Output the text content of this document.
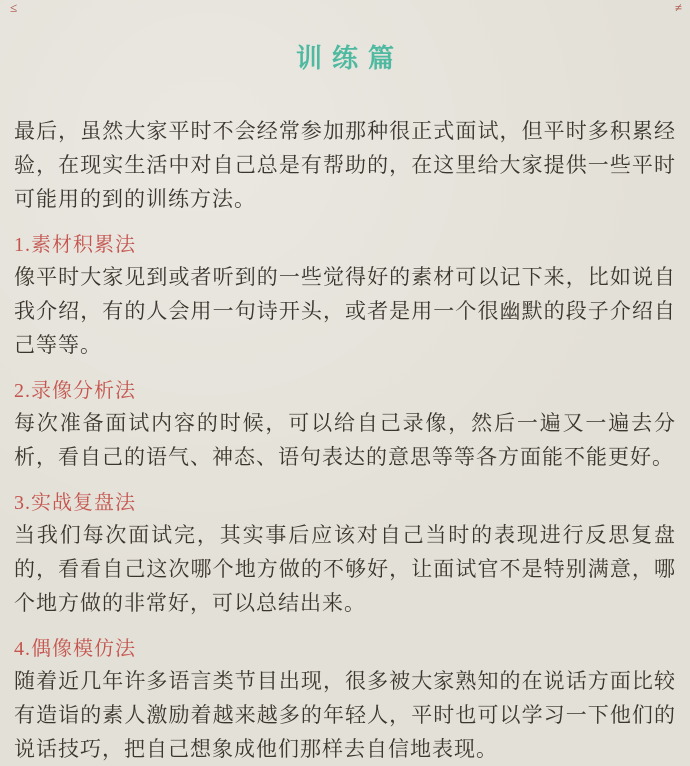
≤	≠
训练篇

最后，虽然大家平时不会经常参加那种很正式面试，但平时多积累经验，在现实生活中对自己总是有帮助的，在这里给大家提供一些平时可能用的到的训练方法。

1.素材积累法

像平时大家见到或者听到的一些觉得好的素材可以记下来，比如说自我介绍，有的人会用一句诗开头，或者是用一个很幽默的段子介绍自己等等。

2.录像分析法

每次准备面试内容的时候，可以给自己录像，然后一遍又一遍去分析，看自己的语气、神态、语句表达的意思等等各方面能不能更好。

3.实战复盘法

当我们每次面试完，其实事后应该对自己当时的表现进行反思复盘的，看看自己这次哪个地方做的不够好，让面试官不是特别满意，哪个地方做的非常好，可以总结出来。

4.偶像模仿法

随着近几年许多语言类节目出现，很多被大家熟知的在说话方面比较有造诣的素人激励着越来越多的年轻人，平时也可以学习一下他们的说话技巧，把自己想象成他们那样去自信地表现。
